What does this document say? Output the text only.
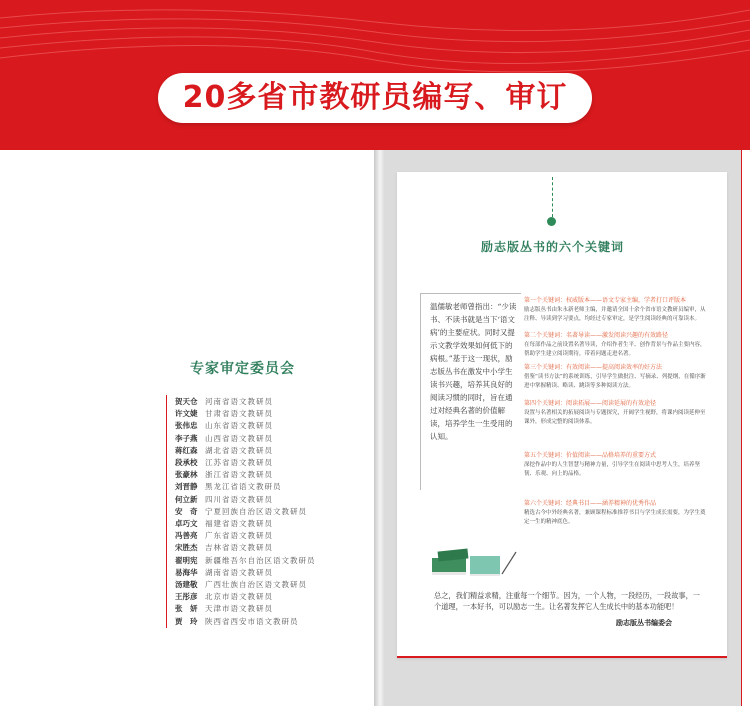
20多省市教研员编写、审订
专家审定委员会
贺天仓 河南省语文教研员
许文婕 甘肃省语文教研员
张伟忠 山东省语文教研员
李子燕 山西省语文教研员
蒋红森 湖北省语文教研员
段承校 江苏省语文教研员
张豪林 浙江省语文教研员
刘晋静 黑龙江省语文教研员
何立新 四川省语文教研员
安　奇 宁夏回族自治区语文教研员
卓巧文 福建省语文教研员
冯善亮 广东省语文教研员
宋胜杰 吉林省语文教研员
翟明宪 新疆维吾尔自治区语文教研员
易海华 湖南省语文教研员
汤建敬 广西壮族自治区语文教研员
王彤彦 北京市语文教研员
张　妍 天津市语文教研员
贾　玲 陕西省西安市语文教研员
励志版丛书的六个关键词
温儒敏老师曾指出：“少读书、不读书就是当下‘语文病’的主要症状。同时又提示文教学效果如何低下的病根。”基于这一现状，励志版丛书在激发中小学生读书兴趣，培养其良好的阅读习惯的同时，旨在通过对经典名著的价值解读，培养学生一生受用的认知。
第一个关键词：权威版本——语文专家主编，学者打口评版本
励志版丛书由朱永新老师主编，并邀请全国十余个省市语文教研员编审，从注释、导读到学习要点，均经过专家审定，是学生阅读经典的可靠读本。
第二个关键词：名著导读——激发阅读兴趣的有效路径
在每部作品之前设置名著导读，介绍作者生平、创作背景与作品主要内容，帮助学生建立阅读期待，带着问题走进名著。
第三个关键词：有效阅读——提高阅读效率的好方法
借鉴“读书方法”的系统训练，引导学生做批注、写摘录、列提纲，在循序渐进中掌握精读、略读、跳读等多种阅读方法。
第四个关键词：阅读拓展——阅读延展的有效途径
设置与名著相关的拓展阅读与专题探究，开阔学生视野，将课内阅读延伸至课外，形成完整的阅读体系。
第五个关键词：价值阅读——品格培养的重要方式
深挖作品中的人生智慧与精神力量，引导学生在阅读中思考人生，培养坚韧、乐观、向上的品格。
第六个关键词：经典书目——涵养精神的优秀作品
精选古今中外经典名著，兼顾课程标准推荐书目与学生成长需要，为学生奠定一生的精神底色。
总之，我们精益求精，注重每一个细节。因为，一个人物，一段经历，一段故事，一个道理，一本好书，可以励志一生。让名著发挥它人生成长中的基本功能吧！
励志版丛书编委会
